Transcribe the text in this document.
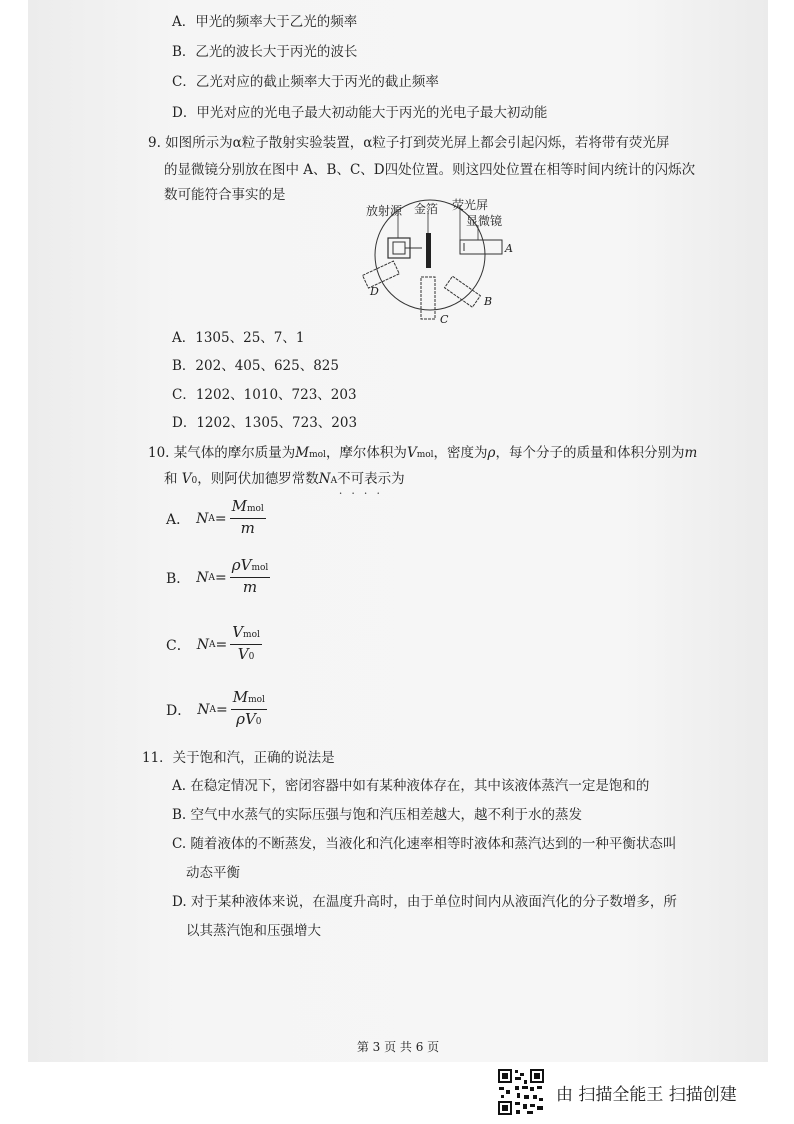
A．甲光的频率大于乙光的频率
B．乙光的波长大于丙光的波长
C．乙光对应的截止频率大于丙光的截止频率
D．甲光对应的光电子最大初动能大于丙光的光电子最大初动能
9. 如图所示为α粒子散射实验装置，α粒子打到荧光屏上都会引起闪烁，若将带有荧光屏
的显微镜分别放在图中 A、B、C、D四处位置。则这四处位置在相等时间内统计的闪烁次
数可能符合事实的是
放射源 金箔 荧光屏
显微镜
A
B
C
D
A．1305、25、7、1
B．202、405、625、825
C．1202、1010、723、203
D．1202、1305、723、203
10. 某气体的摩尔质量为Mmol，摩尔体积为Vmol，密度为ρ，每个分子的质量和体积分别为m
和 V0，则阿伏加德罗常数NA不可表示为 • • • •
A． N $A = \frac{\text{Mmol}}{m}$
B． N $A = \frac{\text{ρVmol}}{m}$
C． N $A = \frac{\text{Vmol}}{V0}$
D． N $A = \frac{\text{Mmol}}{\rho V0}$
11．关于饱和汽，正确的说法是
A. 在稳定情况下，密闭容器中如有某种液体存在，其中该液体蒸汽一定是饱和的
B. 空气中水蒸气的实际压强与饱和汽压相差越大，越不利于水的蒸发
C. 随着液体的不断蒸发，当液化和汽化速率相等时液体和蒸汽达到的一种平衡状态叫
动态平衡
D. 对于某种液体来说，在温度升高时，由于单位时间内从液面汽化的分子数增多，所
以其蒸汽饱和压强增大
第 3 页 共 6 页
由 扫描全能王 扫描创建
